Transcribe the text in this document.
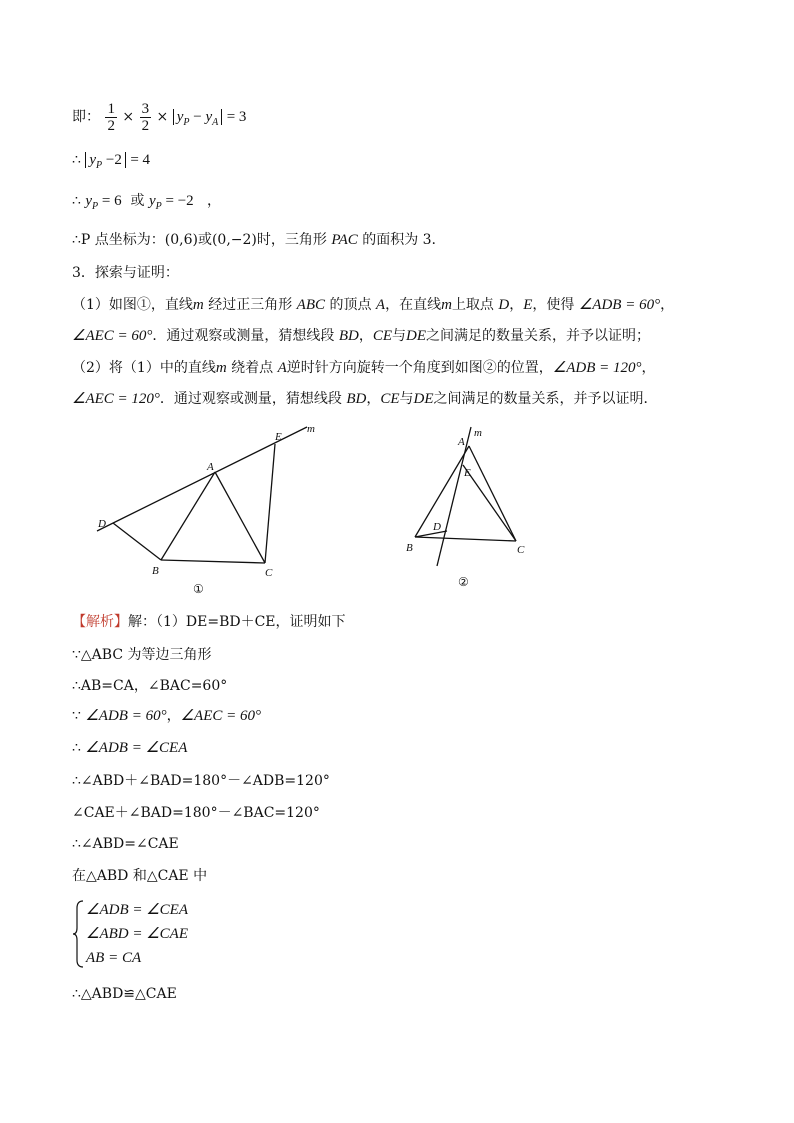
即： $\frac{1}{2} \times \frac{3}{2} \times y_P - y_A = 3$
∴ $y_P -2 = 4$
∴ $y_P = 6$ 或 $y_P = -2$ ，
∴P 点坐标为：(0,6)或(0,−2)时，三角形 PAC 的面积为 3.
3．探索与证明：
（1）如图①，直线m 经过正三角形 ABC 的顶点 A，在直线m上取点 D，E，使得 ∠ADB = 60°，
∠AEC = 60°．通过观察或测量，猜想线段 BD，CE与DE之间满足的数量关系，并予以证明；
（2）将（1）中的直线m 绕着点 A逆时针方向旋转一个角度到如图②的位置，∠ADB = 120°，
∠AEC = 120°．通过观察或测量，猜想线段 BD，CE与DE之间满足的数量关系，并予以证明．
E
m
A
D
B	C
①
A
m
E
D
B	C
②
【解析】解：（1）DE=BD＋CE，证明如下
∵△ABC 为等边三角形
∴AB=CA，∠BAC=60°
∵ ∠ADB = 60°，∠AEC = 60°
∴ ∠ADB = ∠CEA
∴∠ABD＋∠BAD=180°－∠ADB=120°
∠CAE＋∠BAD=180°－∠BAC=120°
∴∠ABD=∠CAE
在△ABD 和△CAE 中
∠ADB = ∠CEA
∠ABD = ∠CAE
AB = CA
∴△ABD≌△CAE
